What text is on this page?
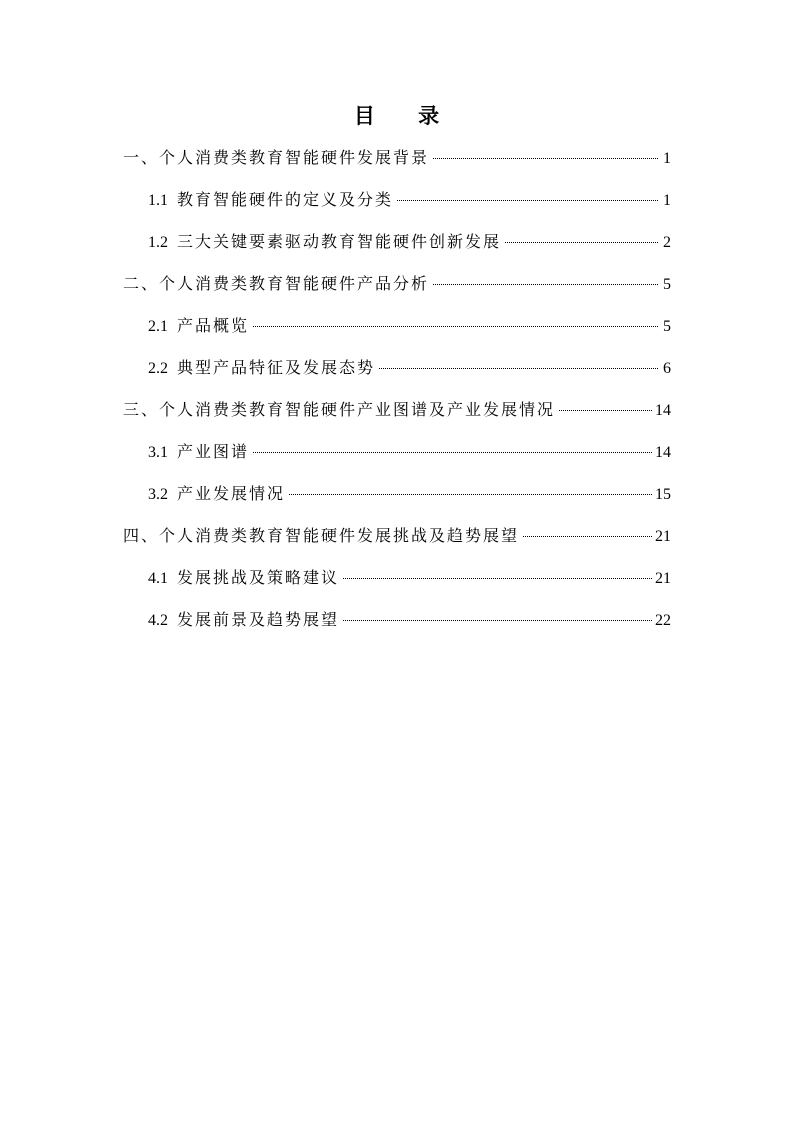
目 录
一、个人消费类教育智能硬件发展背景	1
1.1 教育智能硬件的定义及分类	1
1.2 三大关键要素驱动教育智能硬件创新发展	2
二、个人消费类教育智能硬件产品分析	5
2.1 产品概览	5
2.2 典型产品特征及发展态势	6
三、个人消费类教育智能硬件产业图谱及产业发展情况	14
3.1 产业图谱	14
3.2 产业发展情况	15
四、个人消费类教育智能硬件发展挑战及趋势展望	21
4.1 发展挑战及策略建议	21
4.2 发展前景及趋势展望	22
